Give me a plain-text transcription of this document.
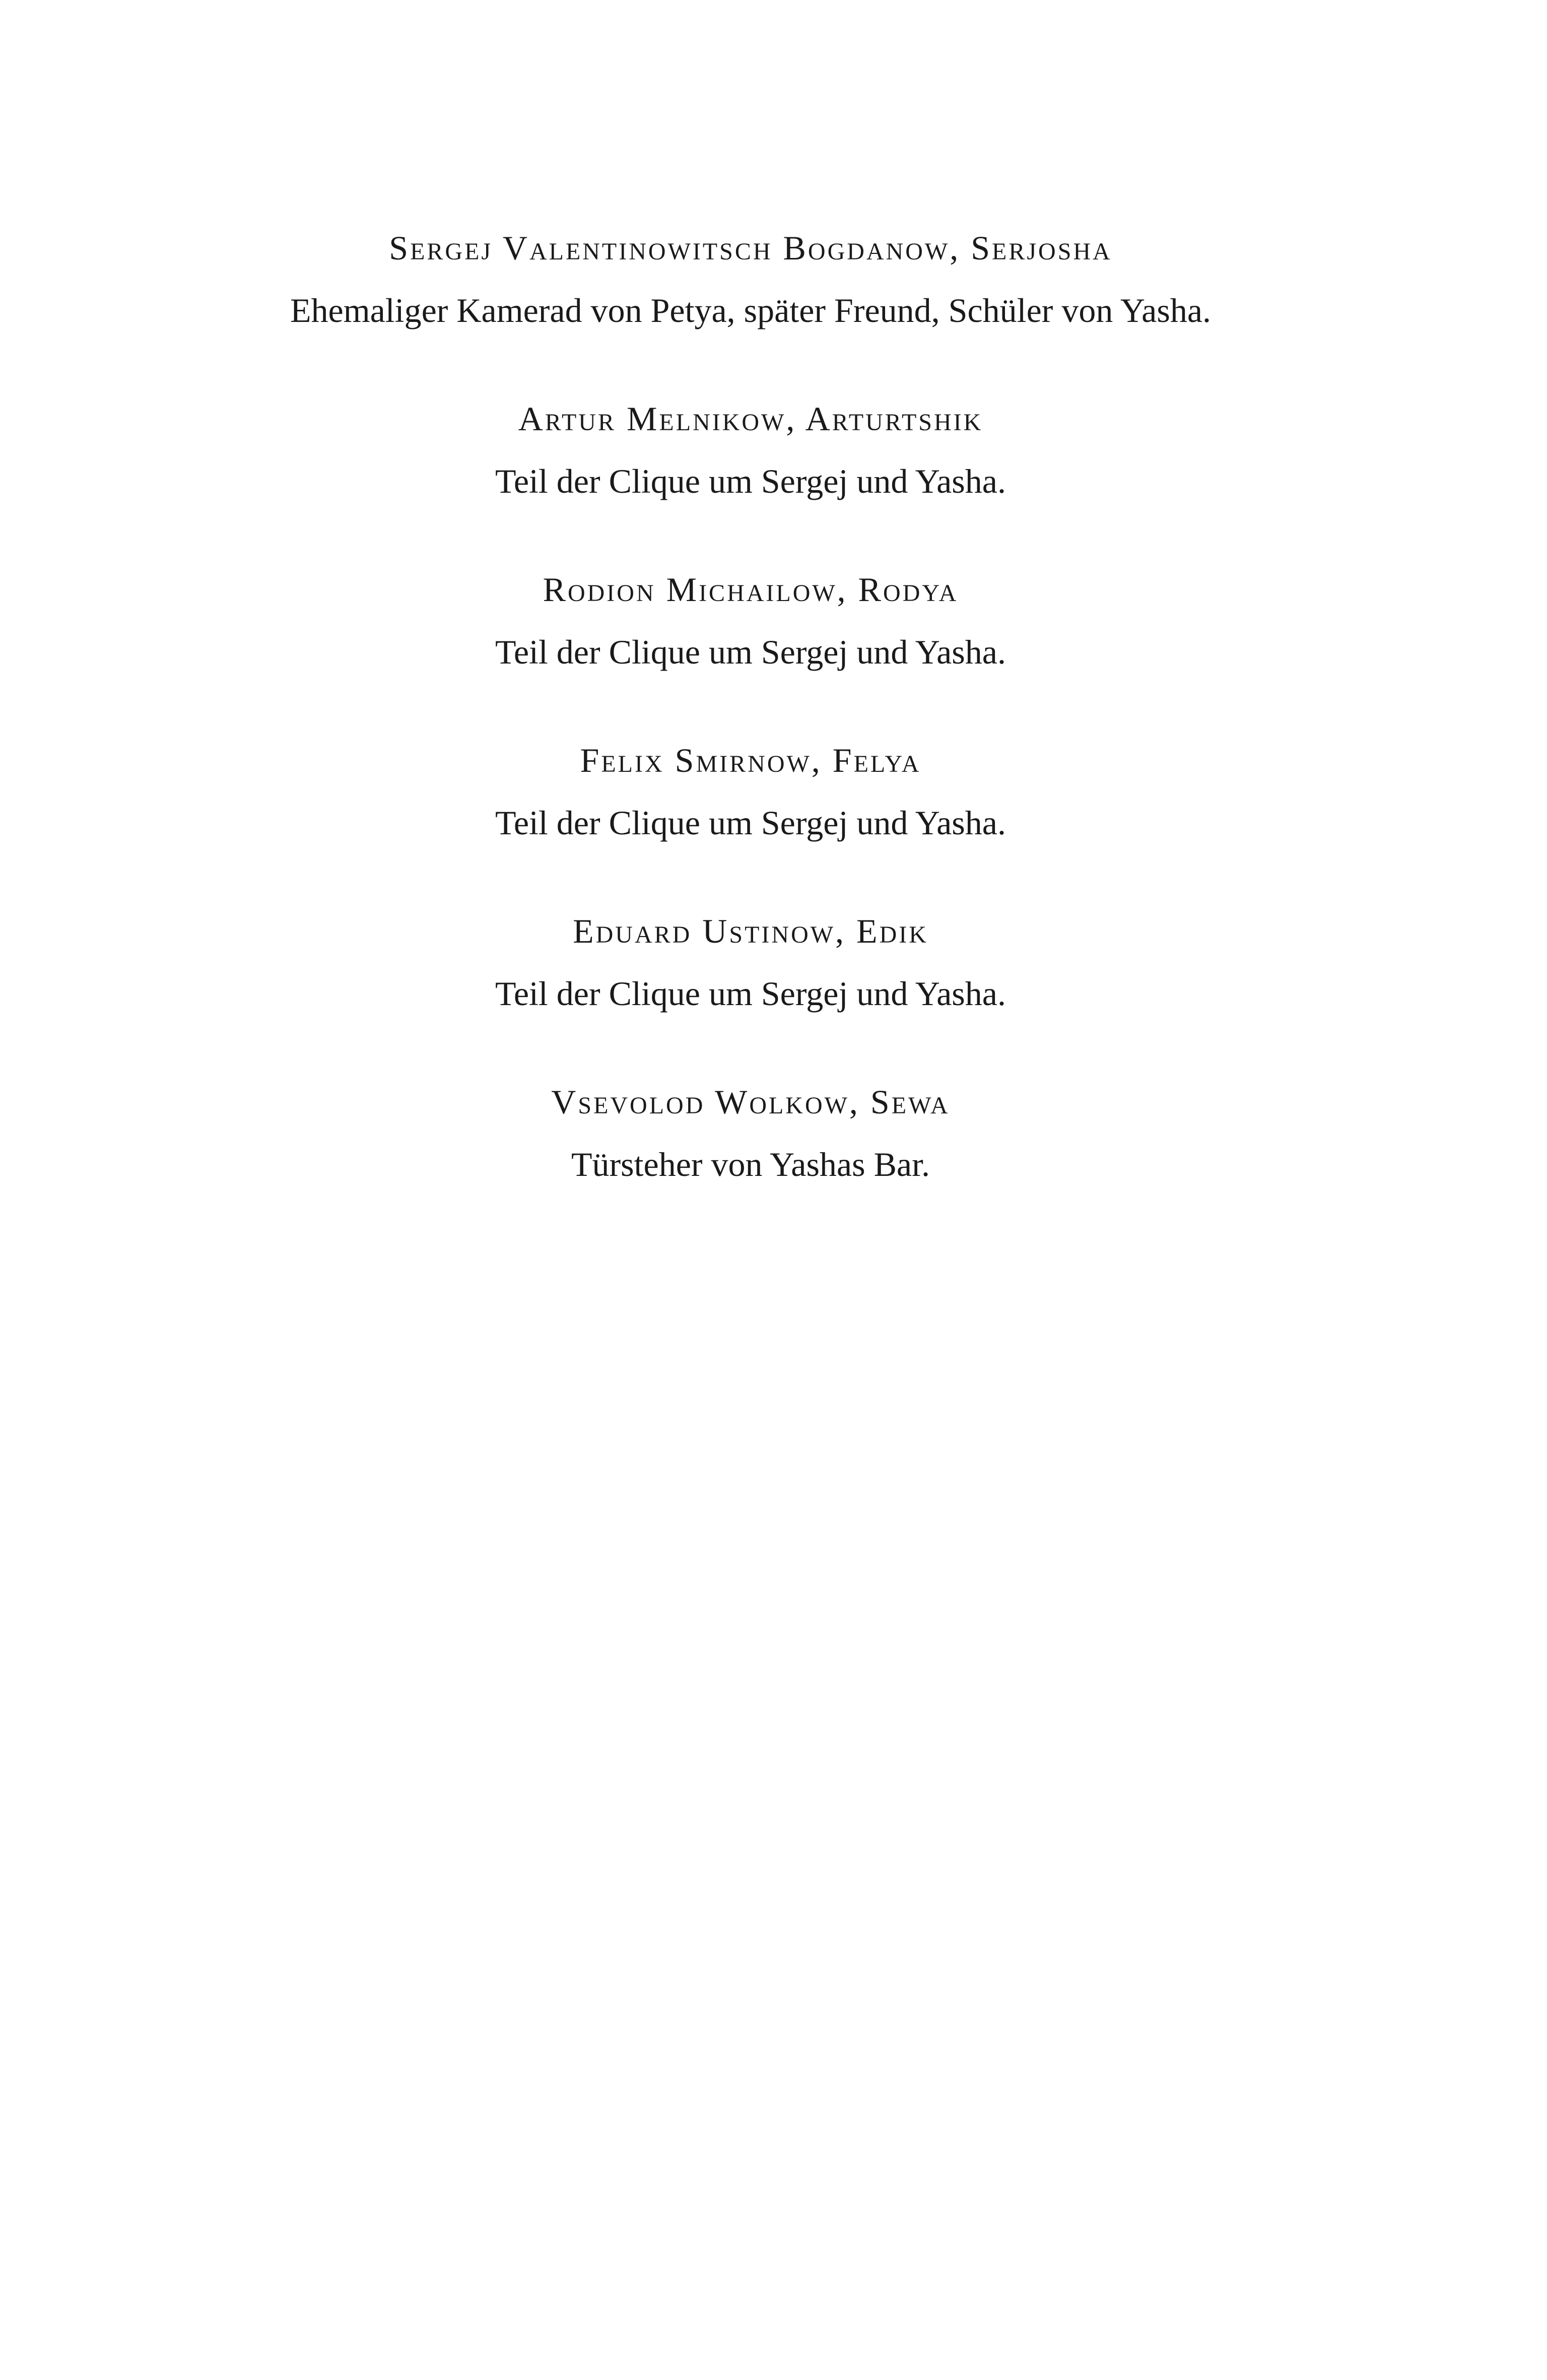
Sergej Valentinowitsch Bogdanow, Serjosha
Ehemaliger Kamerad von Petya, später Freund, Schüler von Yasha.
Artur Melnikow, Arturtshik
Teil der Clique um Sergej und Yasha.
Rodion Michailow, Rodya
Teil der Clique um Sergej und Yasha.
Felix Smirnow, Felya
Teil der Clique um Sergej und Yasha.
Eduard Ustinow, Edik
Teil der Clique um Sergej und Yasha.
Vsevolod Wolkow, Sewa
Türsteher von Yashas Bar.
